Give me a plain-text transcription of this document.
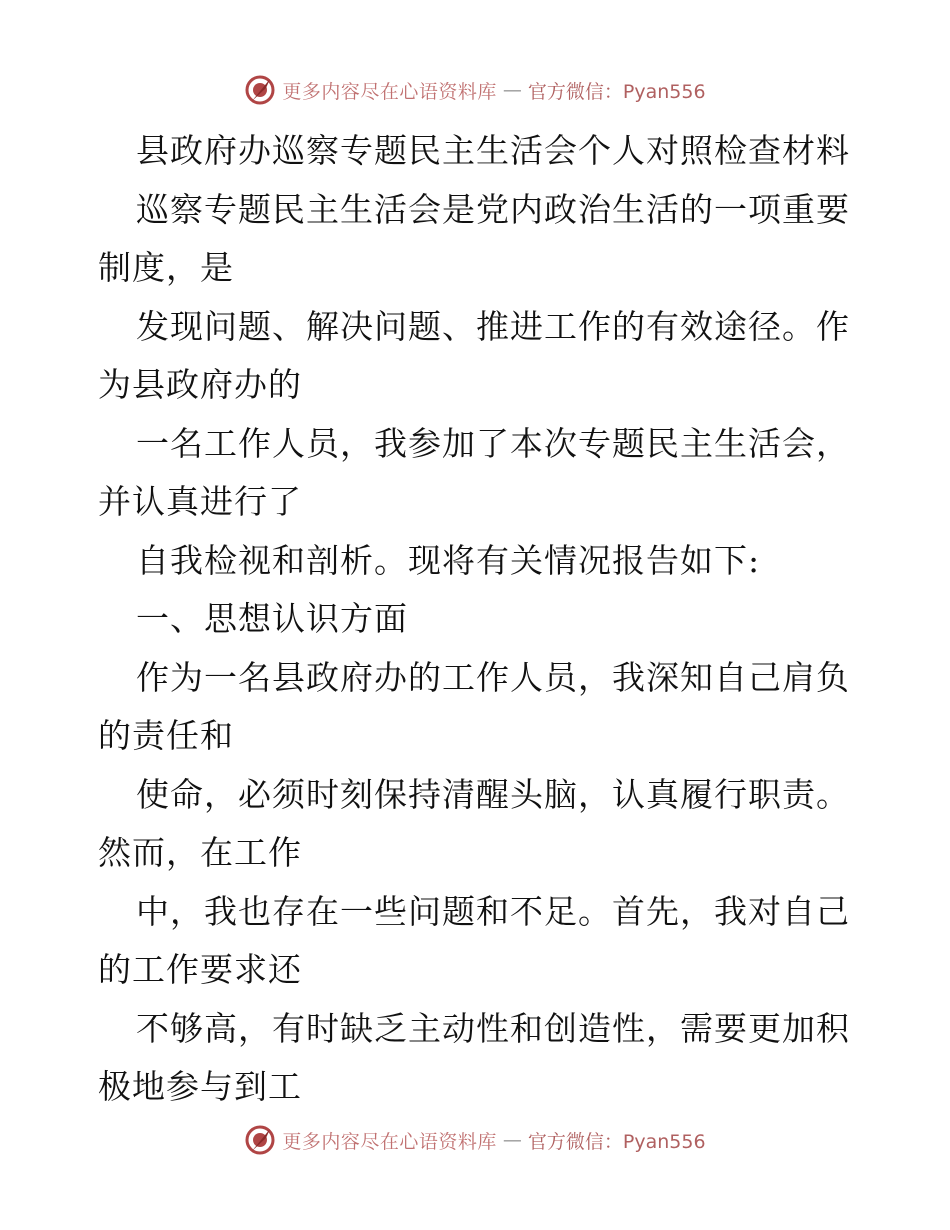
更多内容尽在心语资料库 — 官方微信：Pyan556
县政府办巡察专题民主生活会个人对照检查材料
巡察专题民主生活会是党内政治生活的一项重要
制度，是
发现问题、解决问题、推进工作的有效途径。作
为县政府办的
一名工作人员，我参加了本次专题民主生活会，
并认真进行了
自我检视和剖析。现将有关情况报告如下:
一、思想认识方面
作为一名县政府办的工作人员，我深知自己肩负
的责任和
使命，必须时刻保持清醒头脑，认真履行职责。
然而，在工作
中，我也存在一些问题和不足。首先，我对自己
的工作要求还
不够高，有时缺乏主动性和创造性，需要更加积
极地参与到工
更多内容尽在心语资料库 — 官方微信：Pyan556
